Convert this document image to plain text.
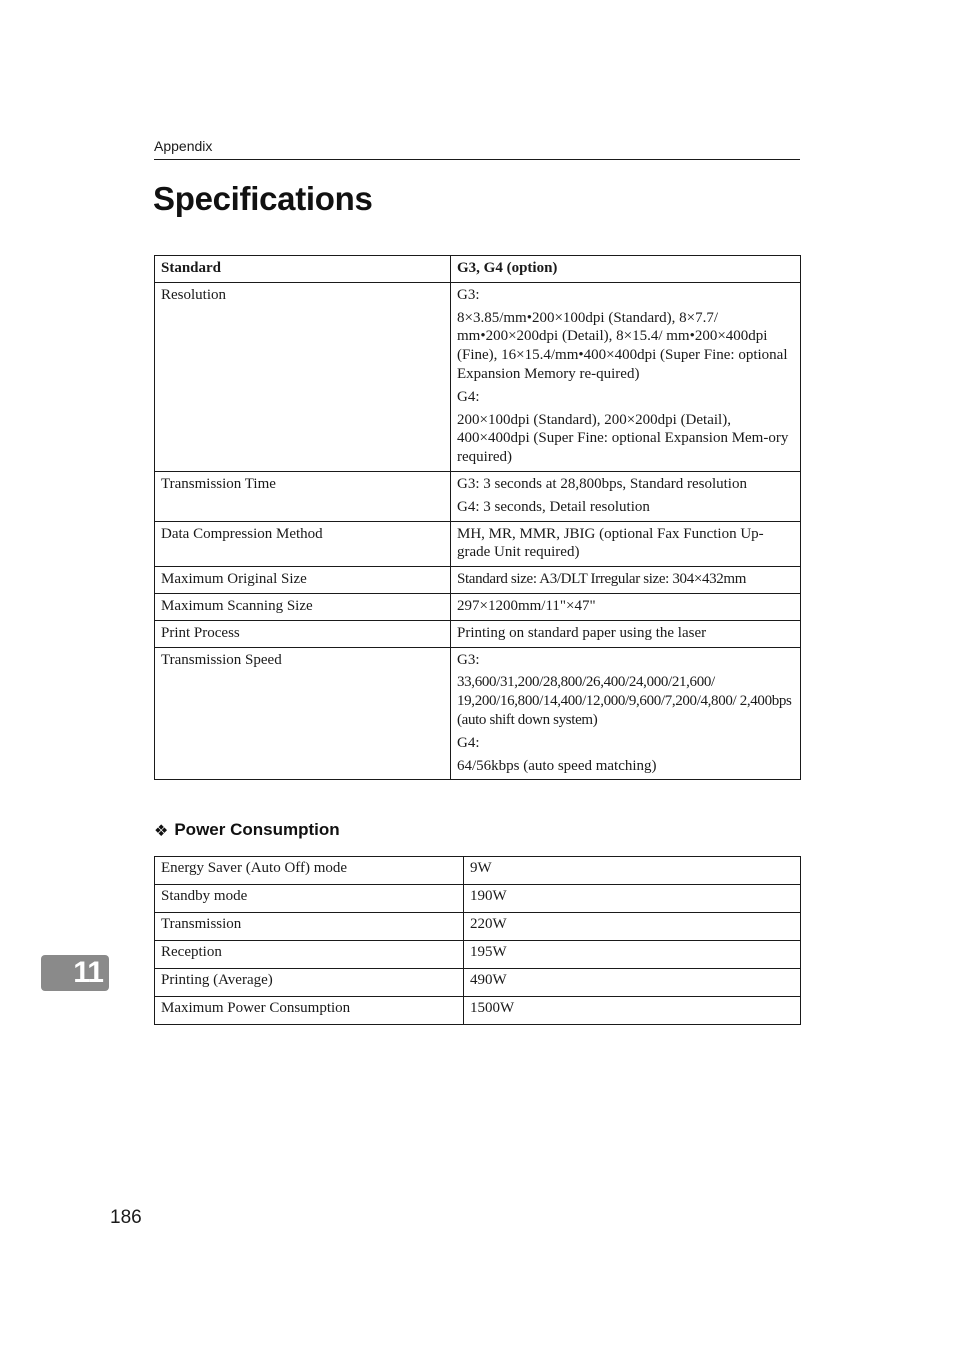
Appendix
Specifications
Standard	G3, G4 (option)
Resolution	G3:

8×3.85/mm•200×100dpi (Standard), 8×7.7/ mm•200×200dpi (Detail), 8×15.4/ mm•200×400dpi (Fine), 16×15.4/mm•400×400dpi (Super Fine: optional Expansion Memory re-quired)

G4:

200×100dpi (Standard), 200×200dpi (Detail), 400×400dpi (Super Fine: optional Expansion Mem-ory required)

Transmission Time	G3: 3 seconds at 28,800bps, Standard resolution

G4: 3 seconds, Detail resolution

Data Compression Method	MH, MR, MMR, JBIG (optional Fax Function Up-grade Unit required)

Maximum Original Size	Standard size: A3/DLT Irregular size: 304×432mm

Maximum Scanning Size	297×1200mm/11"×47"

Print Process	Printing on standard paper using the laser

Transmission Speed	G3:

33,600/31,200/28,800/26,400/24,000/21,600/ 19,200/16,800/14,400/12,000/9,600/7,200/4,800/ 2,400bps (auto shift down system)

G4:

64/56kbps (auto speed matching)

❖ Power Consumption
Energy Saver (Auto Off) mode	9W
Standby mode	190W
Transmission	220W
Reception	195W
Printing (Average)	490W
Maximum Power Consumption	1500W
11
186
